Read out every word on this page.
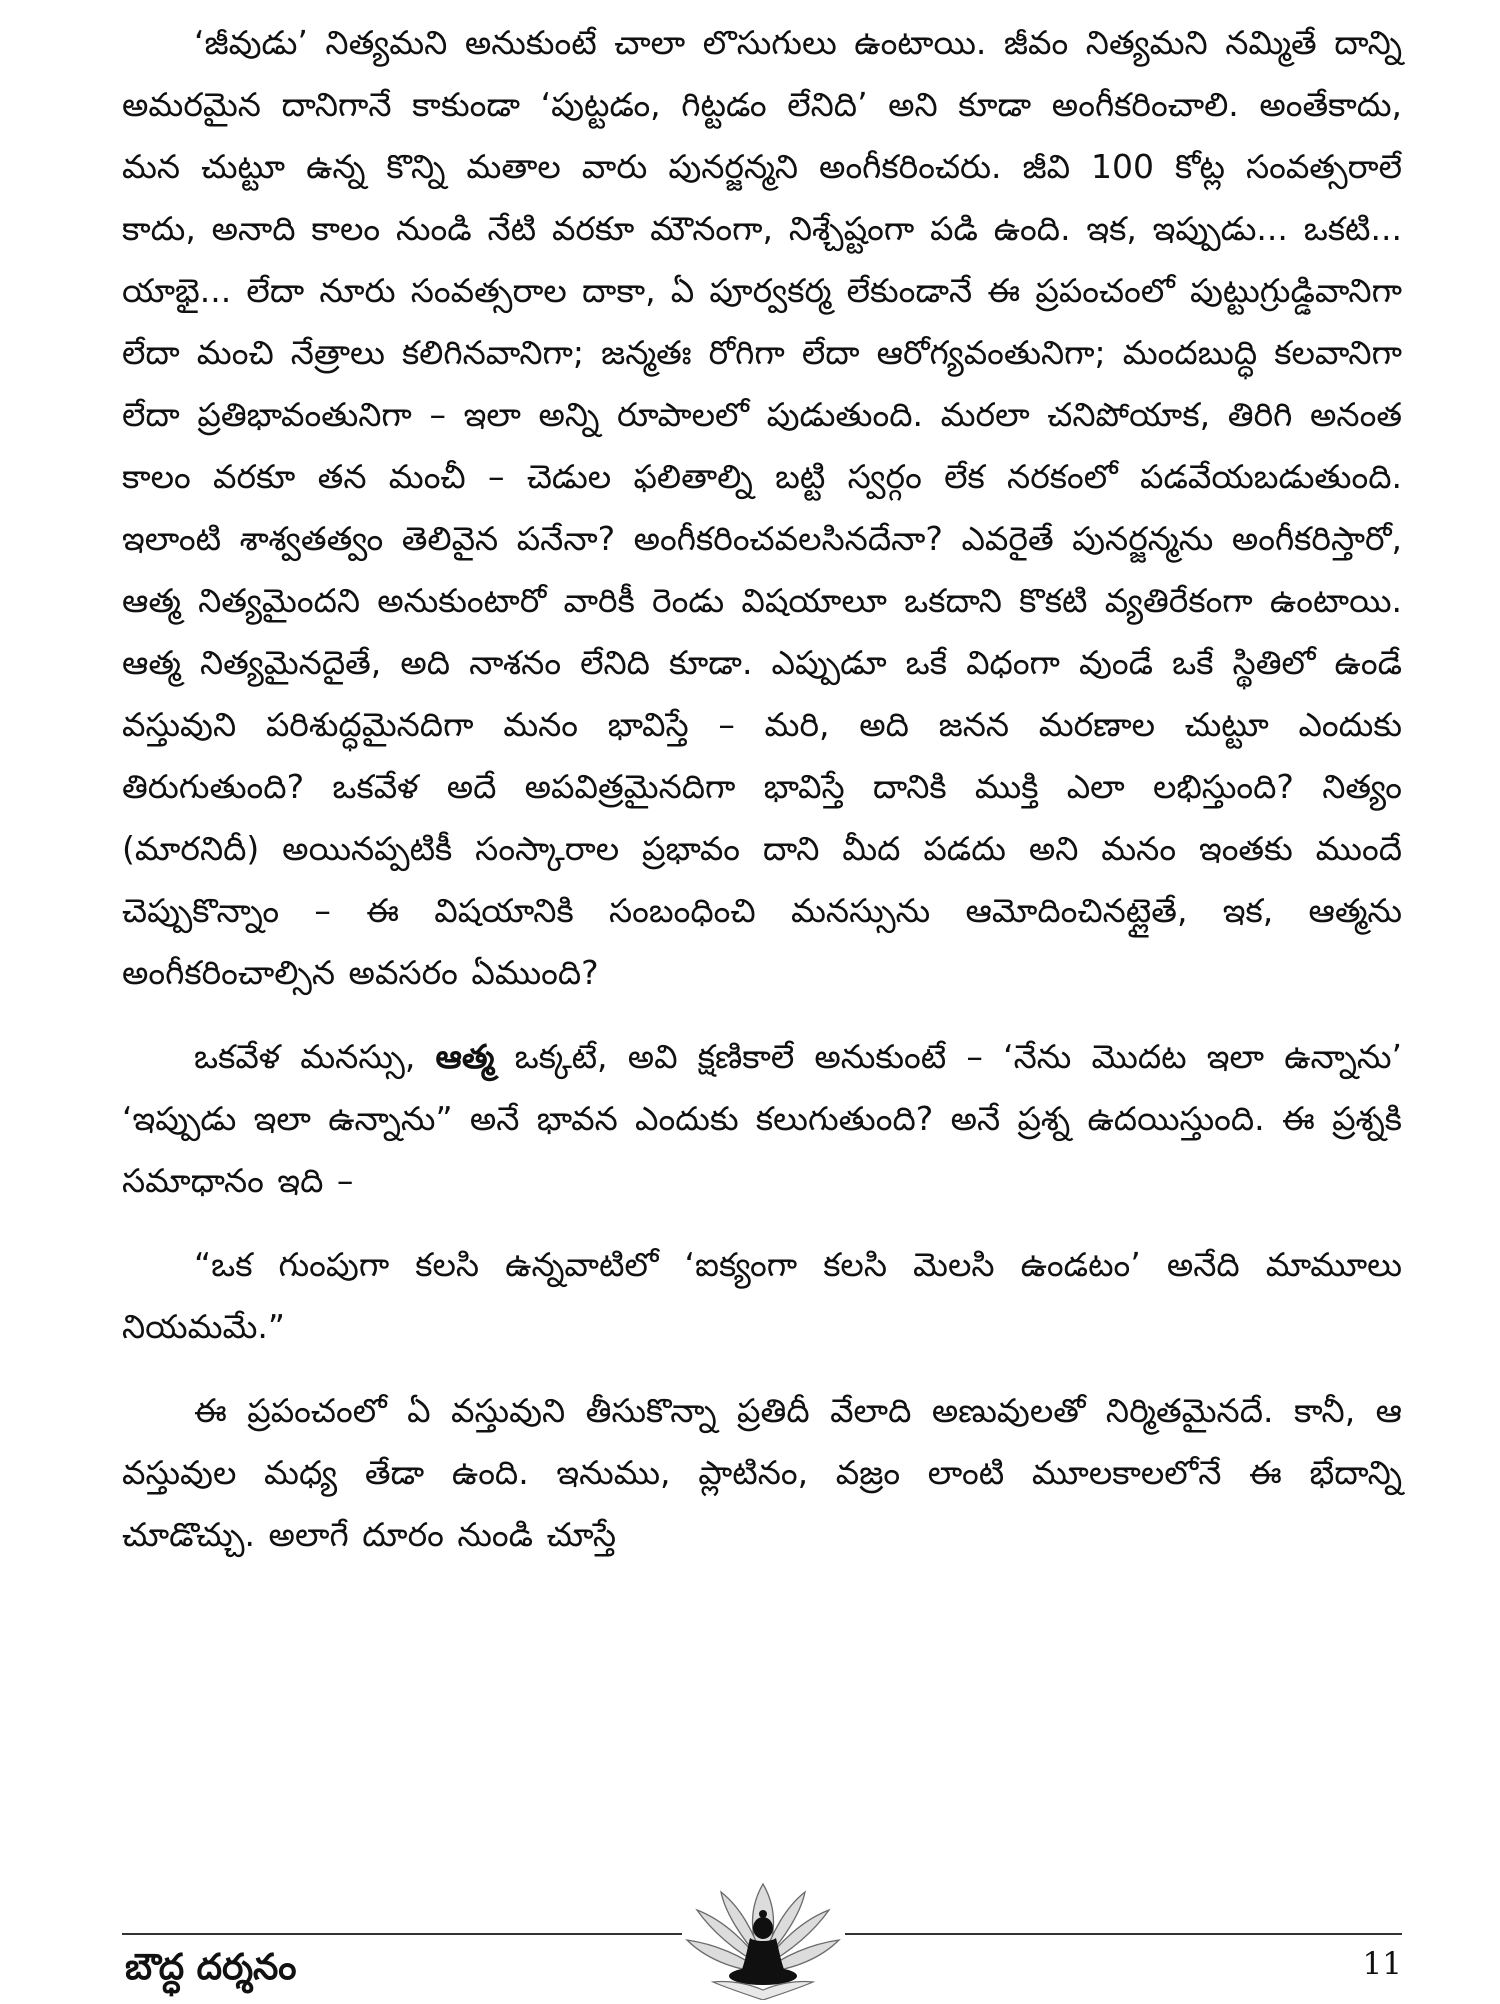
‘జీవుడు’ నిత్యమని అనుకుంటే చాలా లొసుగులు ఉంటాయి. జీవం నిత్యమని నమ్మితే దాన్ని అమరమైన దానిగానే కాకుండా ‘పుట్టడం, గిట్టడం లేనిది’ అని కూడా అంగీకరించాలి. అంతేకాదు, మన చుట్టూ ఉన్న కొన్ని మతాల వారు పునర్జన్మని అంగీకరించరు. జీవి 100 కోట్ల సంవత్సరాలే కాదు, అనాది కాలం నుండి నేటి వరకూ మౌనంగా, నిశ్చేష్టంగా పడి ఉంది. ఇక, ఇప్పుడు... ఒకటి... యాభై... లేదా నూరు సంవత్సరాల దాకా, ఏ పూర్వకర్మ లేకుండానే ఈ ప్రపంచంలో పుట్టుగ్రుడ్డివానిగా లేదా మంచి నేత్రాలు కలిగినవానిగా; జన్మతః రోగిగా లేదా ఆరోగ్యవంతునిగా; మందబుద్ధి కలవానిగా లేదా ప్రతిభావంతునిగా – ఇలా అన్ని రూపాలలో పుడుతుంది. మరలా చనిపోయాక, తిరిగి అనంత కాలం వరకూ తన మంచీ – చెడుల ఫలితాల్ని బట్టి స్వర్గం లేక నరకంలో పడవేయబడుతుంది. ఇలాంటి శాశ్వతత్వం తెలివైన పనేనా? అంగీకరించవలసినదేనా? ఎవరైతే పునర్జన్మను అంగీకరిస్తారో, ఆత్మ నిత్యమైందని అనుకుంటారో వారికీ రెండు విషయాలూ ఒకదాని కొకటి వ్యతిరేకంగా ఉంటాయి. ఆత్మ నిత్యమైనదైతే, అది నాశనం లేనిది కూడా. ఎప్పుడూ ఒకే విధంగా వుండే ఒకే స్థితిలో ఉండే వస్తువుని పరిశుద్ధమైనదిగా మనం భావిస్తే – మరి, అది జనన మరణాల చుట్టూ ఎందుకు తిరుగుతుంది? ఒకవేళ అదే అపవిత్రమైనదిగా భావిస్తే దానికి ముక్తి ఎలా లభిస్తుంది? నిత్యం (మారనిదీ) అయినప్పటికీ సంస్కారాల ప్రభావం దాని మీద పడదు అని మనం ఇంతకు ముందే చెప్పుకొన్నాం – ఈ విషయానికి సంబంధించి మనస్సును ఆమోదించినట్లైతే, ఇక, ఆత్మను అంగీకరించాల్సిన అవసరం ఏముంది?

ఒకవేళ మనస్సు, ఆత్మ ఒక్కటే, అవి క్షణికాలే అనుకుంటే – ‘నేను మొదట ఇలా ఉన్నాను’ ‘ఇప్పుడు ఇలా ఉన్నాను” అనే భావన ఎందుకు కలుగుతుంది? అనే ప్రశ్న ఉదయిస్తుంది. ఈ ప్రశ్నకి సమాధానం ఇది –

“ఒక గుంపుగా కలసి ఉన్నవాటిలో ‘ఐక్యంగా కలసి మెలసి ఉండటం’ అనేది మామూలు నియమమే.”

ఈ ప్రపంచంలో ఏ వస్తువుని తీసుకొన్నా ప్రతిదీ వేలాది అణువులతో నిర్మితమైనదే. కానీ, ఆ వస్తువుల మధ్య తేడా ఉంది. ఇనుము, ప్లాటినం, వజ్రం లాంటి మూలకాలలోనే ఈ భేదాన్ని చూడొచ్చు. అలాగే దూరం నుండి చూస్తే

బౌద్ధ దర్శనం	11
